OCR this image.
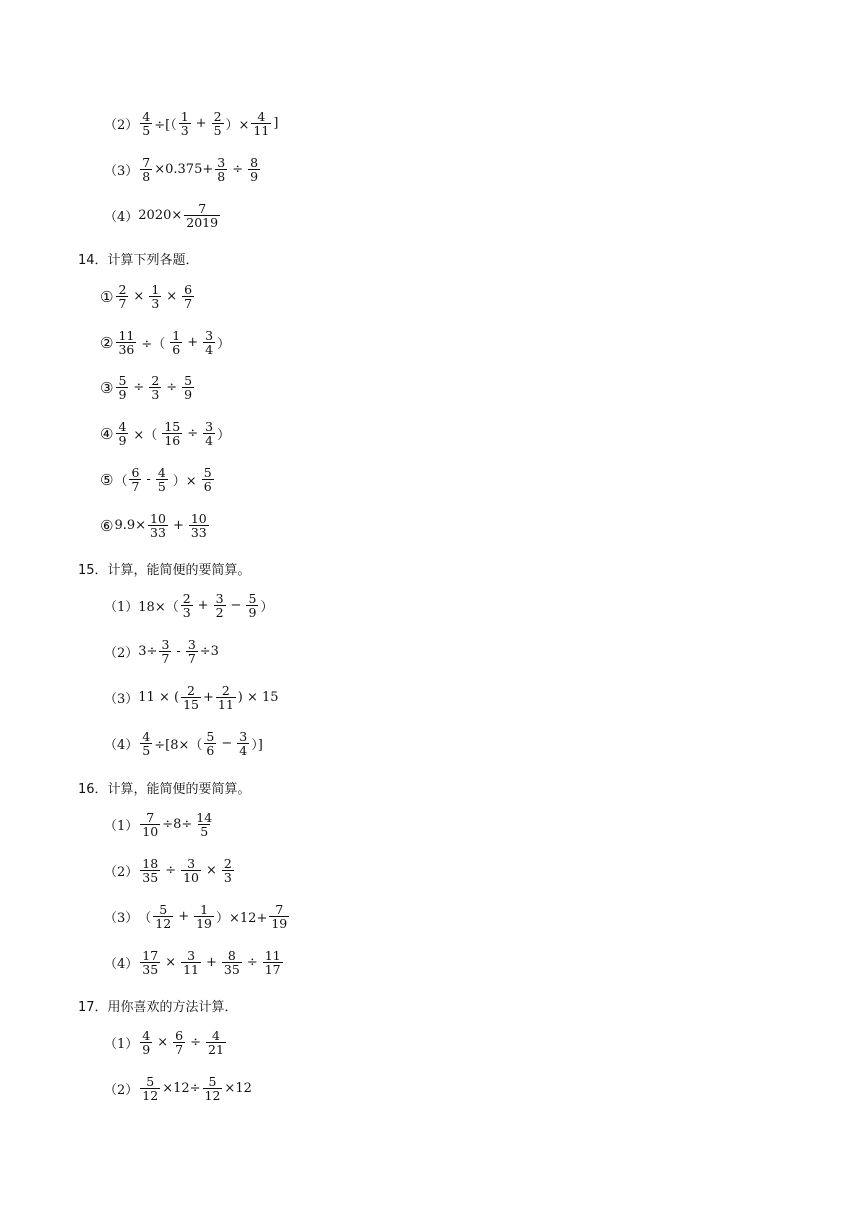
$(2) \frac{4}{5}$ ÷[（ $\frac{1}{3} + \frac{2}{5}$ ）× $\frac{4}{11}$ ]
$(3) \frac{7}{8} \times 0.375+ \frac{3}{8} \div \frac{8}{9}$
（4） $2020\times \frac{7}{2019}$
14．计算下列各题．
① $\frac{2}{7} \times \frac{1}{3} \times \frac{6}{7}$
② $\frac{11}{36}$ ÷（ $\frac{1}{6} + \frac{3}{4}$ ）
③ $\frac{5}{9} \div \frac{2}{3} \div \frac{5}{9}$
④ $\frac{4}{9}$ ×（ $\frac{15}{16} \div \frac{3}{4}$ ）
⑤ （ $\frac{6}{7} - \frac{4}{5}$ ）× $\frac{5}{6}$
⑥ $9.9\times \frac{10}{33} + \frac{10}{33}$
15．计算，能简便的要简算。
（1） $18\times( \frac{2}{3} + \frac{3}{2} - \frac{5}{9}$ ）
（2） $3\div \frac{3}{7} - \frac{3}{7} \div 3$
（3） 11 × ( $\frac{2}{15} + \frac{2}{11}$ ) × 15
$(4) \frac{4}{5} \div[8\times( \frac{5}{6} - \frac{3}{4}$ ）]
16．计算，能简便的要简算。
$(1) \frac{7}{10} \div 8\div \frac{14}{5}$
$(2) \frac{18}{35} \div \frac{3}{10} \times \frac{2}{3}$
（3） （ $\frac{5}{12} + \frac{1}{19} )\times 12+ \frac{7}{19}$
$(4) \frac{17}{35} \times \frac{3}{11} + \frac{8}{35} \div \frac{11}{17}$
17．用你喜欢的方法计算．
$(1) \frac{4}{9} \times \frac{6}{7} \div \frac{4}{21}$
$(2) \frac{5}{12} \times 12\div \frac{5}{12} \times 12$
